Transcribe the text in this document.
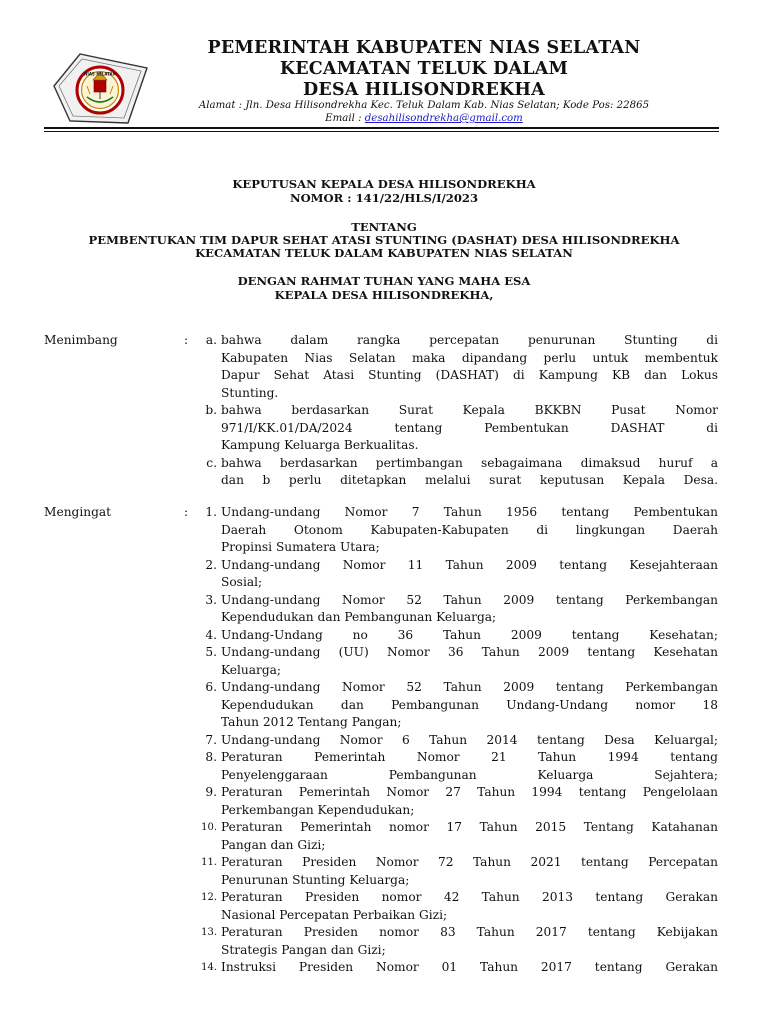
NIAS SELATAN
PEMERINTAH KABUPATEN NIAS SELATAN
KECAMATAN TELUK DALAM
DESA HILISONDREKHA
Alamat : Jln. Desa Hilisondrekha Kec. Teluk Dalam Kab. Nias Selatan; Kode Pos: 22865
Email : desahilisondrekha@gmail.com
KEPUTUSAN KEPALA DESA HILISONDREKHA
NOMOR : 141/22/HLS/I/2023
TENTANG
PEMBENTUKAN TIM DAPUR SEHAT ATASI STUNTING (DASHAT) DESA HILISONDREKHA
KECAMATAN TELUK DALAM KABUPATEN NIAS SELATAN
DENGAN RAHMAT TUHAN YANG MAHA ESA
KEPALA DESA HILISONDREKHA,
Menimbang	:	a. bahwa dalam rangka percepatan penurunan Stunting di
Kabupaten Nias Selatan maka dipandang perlu untuk membentuk
Dapur Sehat Atasi Stunting (DASHAT) di Kampung KB dan Lokus
Stunting.
b. bahwa berdasarkan Surat Kepala BKKBN Pusat Nomor
971/I/KK.01/DA/2024 tentang Pembentukan DASHAT di
Kampung Keluarga Berkualitas.
c. bahwa berdasarkan pertimbangan sebagaimana dimaksud huruf a
dan b perlu ditetapkan melalui surat keputusan Kepala Desa.
Mengingat	:	1. Undang-undang Nomor 7 Tahun 1956 tentang Pembentukan
Daerah Otonom Kabupaten-Kabupaten di lingkungan Daerah
Propinsi Sumatera Utara;
2. Undang-undang Nomor 11 Tahun 2009 tentang Kesejahteraan
Sosial;
3. Undang-undang Nomor 52 Tahun 2009 tentang Perkembangan
Kependudukan dan Pembangunan Keluarga;
4. Undang-Undang no 36 Tahun 2009 tentang Kesehatan;
5. Undang-undang (UU) Nomor 36 Tahun 2009 tentang Kesehatan
Keluarga;
6. Undang-undang Nomor 52 Tahun 2009 tentang Perkembangan
Kependudukan dan Pembangunan Undang-Undang nomor 18
Tahun 2012 Tentang Pangan;
7. Undang-undang Nomor 6 Tahun 2014 tentang Desa Keluargal;
8. Peraturan Pemerintah Nomor 21 Tahun 1994 tentang
Penyelenggaraan Pembangunan Keluarga Sejahtera;
9. Peraturan Pemerintah Nomor 27 Tahun 1994 tentang Pengelolaan
Perkembangan Kependudukan;
10. Peraturan Pemerintah nomor 17 Tahun 2015 Tentang Katahanan
Pangan dan Gizi;
11. Peraturan Presiden Nomor 72 Tahun 2021 tentang Percepatan
Penurunan Stunting Keluarga;
12. Peraturan Presiden nomor 42 Tahun 2013 tentang Gerakan
Nasional Percepatan Perbaikan Gizi;
13. Peraturan Presiden nomor 83 Tahun 2017 tentang Kebijakan
Strategis Pangan dan Gizi;
14. Instruksi Presiden Nomor 01 Tahun 2017 tentang Gerakan
